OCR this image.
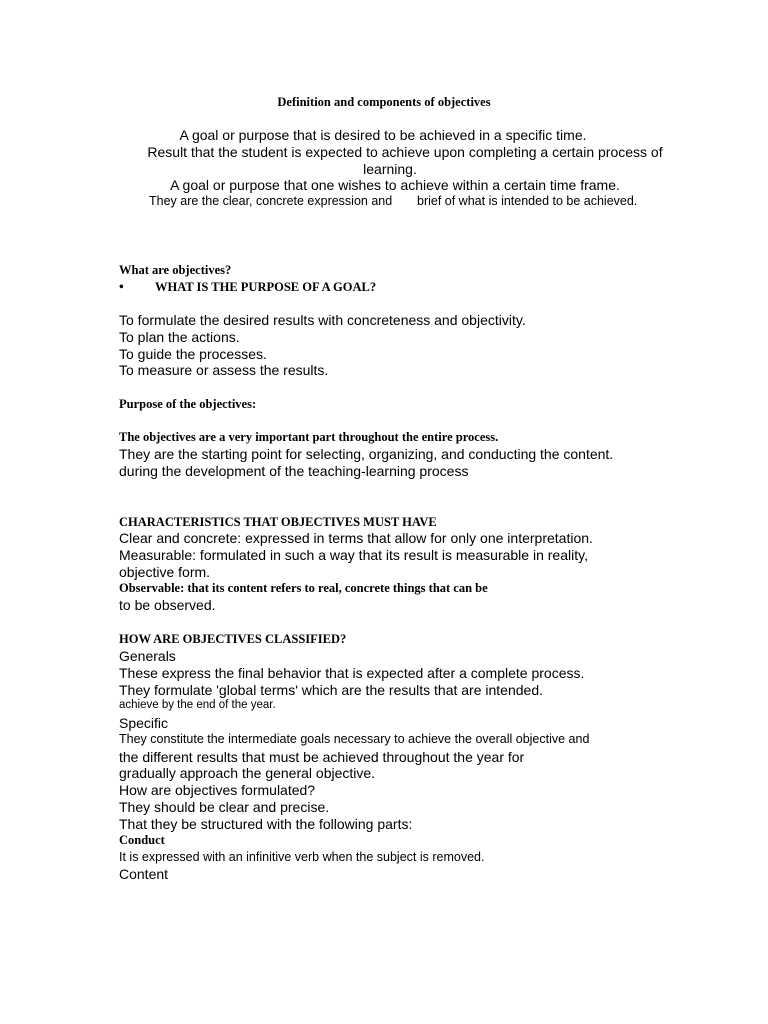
Definition and components of objectives
A goal or purpose that is desired to be achieved in a specific time.
Result that the student is expected to achieve upon completing a certain process of
learning.
A goal or purpose that one wishes to achieve within a certain time frame.
They are the clear, concrete expression and brief of what is intended to be achieved.
What are objectives?
•	WHAT IS THE PURPOSE OF A GOAL?
To formulate the desired results with concreteness and objectivity.
To plan the actions.
To guide the processes.
To measure or assess the results.
Purpose of the objectives:
The objectives are a very important part throughout the entire process.
They are the starting point for selecting, organizing, and conducting the content.
during the development of the teaching-learning process
CHARACTERISTICS THAT OBJECTIVES MUST HAVE
Clear and concrete: expressed in terms that allow for only one interpretation.
Measurable: formulated in such a way that its result is measurable in reality,
objective form.
Observable: that its content refers to real, concrete things that can be
to be observed.
HOW ARE OBJECTIVES CLASSIFIED?
Generals
These express the final behavior that is expected after a complete process.
They formulate 'global terms' which are the results that are intended.
achieve by the end of the year.
Specific
They constitute the intermediate goals necessary to achieve the overall objective and
the different results that must be achieved throughout the year for
gradually approach the general objective.
How are objectives formulated?
They should be clear and precise.
That they be structured with the following parts:
Conduct
It is expressed with an infinitive verb when the subject is removed.
Content
